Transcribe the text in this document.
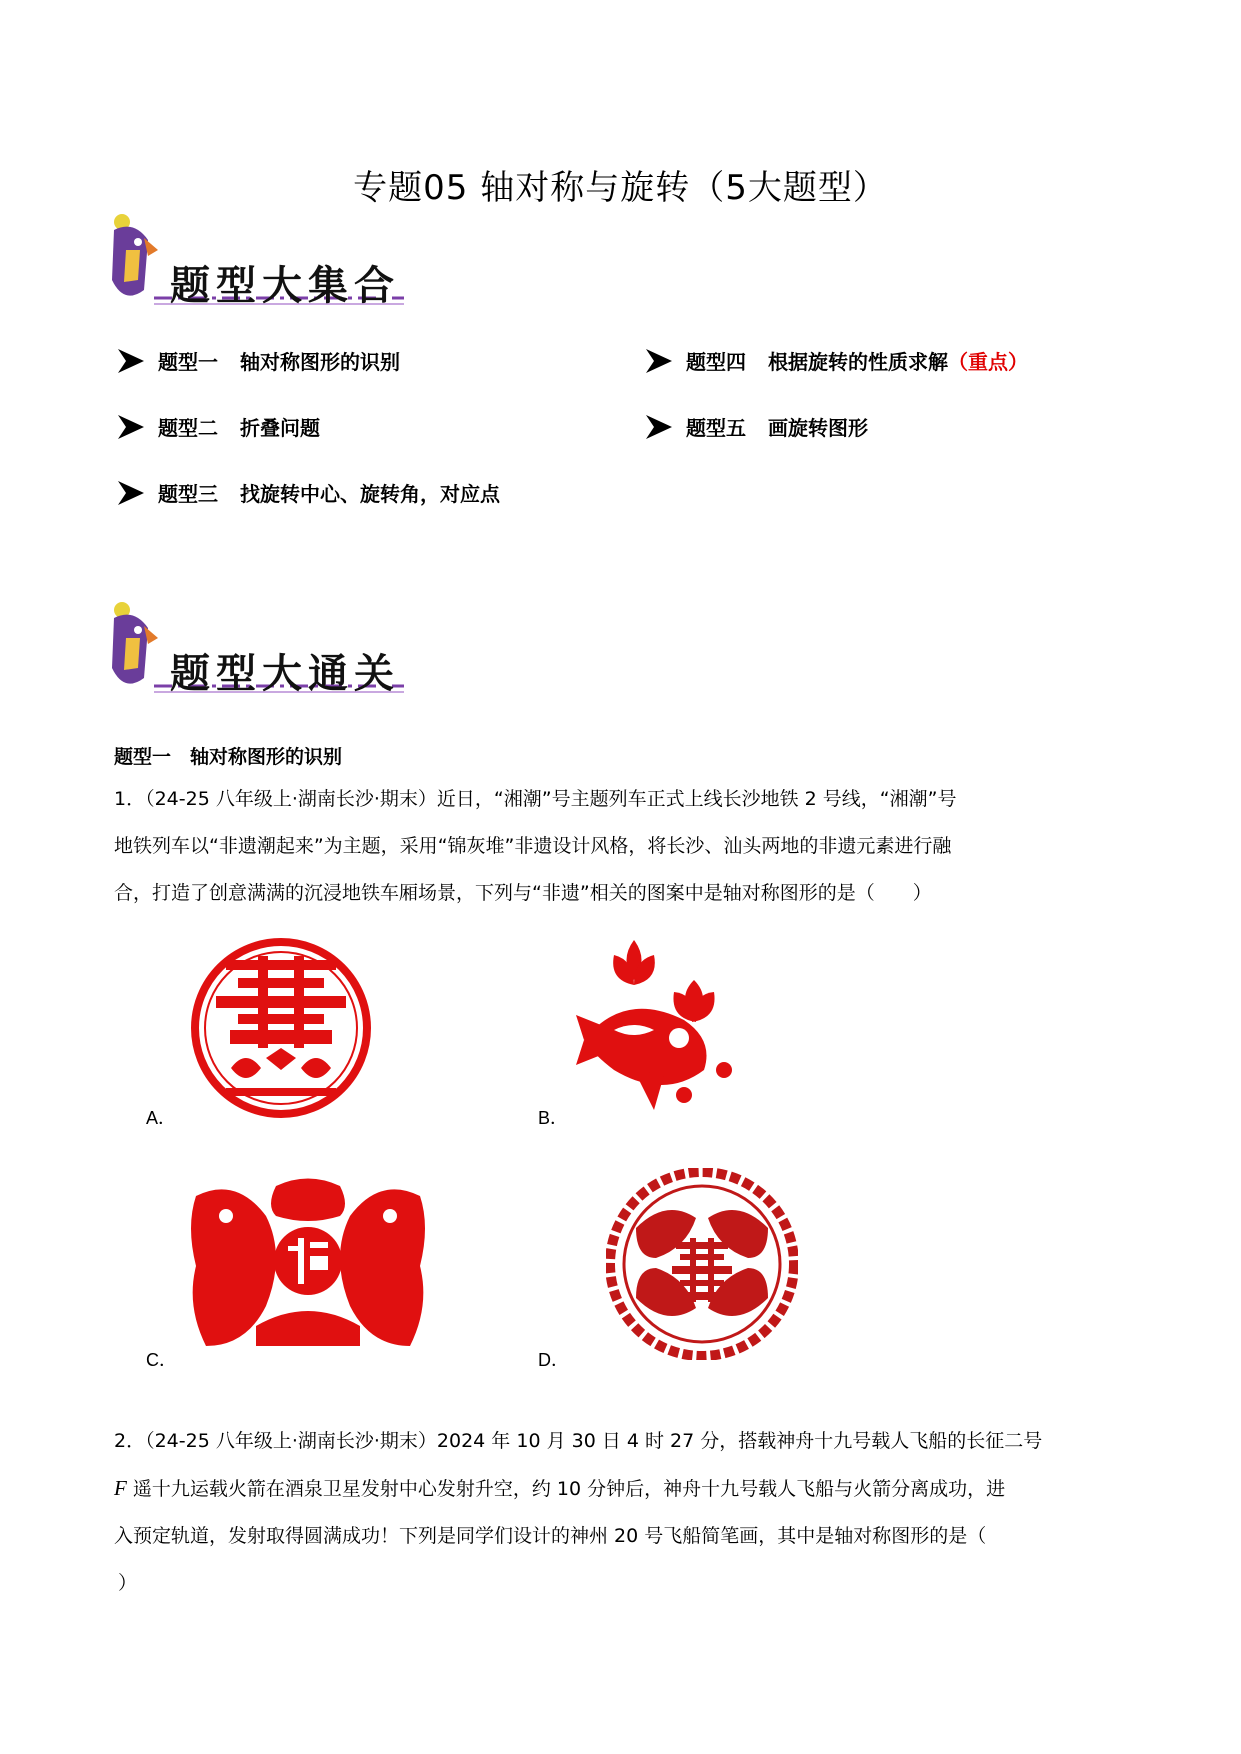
专题05 轴对称与旋转（5大题型）
题型大集合
题型一 轴对称图形的识别
题型二 折叠问题
题型三 找旋转中心、旋转角，对应点
题型四 根据旋转的性质求解（重点）
题型五 画旋转图形
题型大通关
题型一　轴对称图形的识别
1．（24-25 八年级上·湖南长沙·期末）近日，“湘潮”号主题列车正式上线长沙地铁 2 号线，“湘潮”号
地铁列车以“非遗潮起来”为主题，采用“锦灰堆”非遗设计风格，将长沙、汕头两地的非遗元素进行融
合，打造了创意满满的沉浸地铁车厢场景，下列与“非遗”相关的图案中是轴对称图形的是（　　）
A．	B．
C．	D．
2．（24-25 八年级上·湖南长沙·期末）2024 年 10 月 30 日 4 时 27 分，搭载神舟十九号载人飞船的长征二号
F 遥十九运载火箭在酒泉卫星发射中心发射升空，约 10 分钟后，神舟十九号载人飞船与火箭分离成功，进
入预定轨道，发射取得圆满成功！下列是同学们设计的神州 20 号飞船简笔画，其中是轴对称图形的是（
）
